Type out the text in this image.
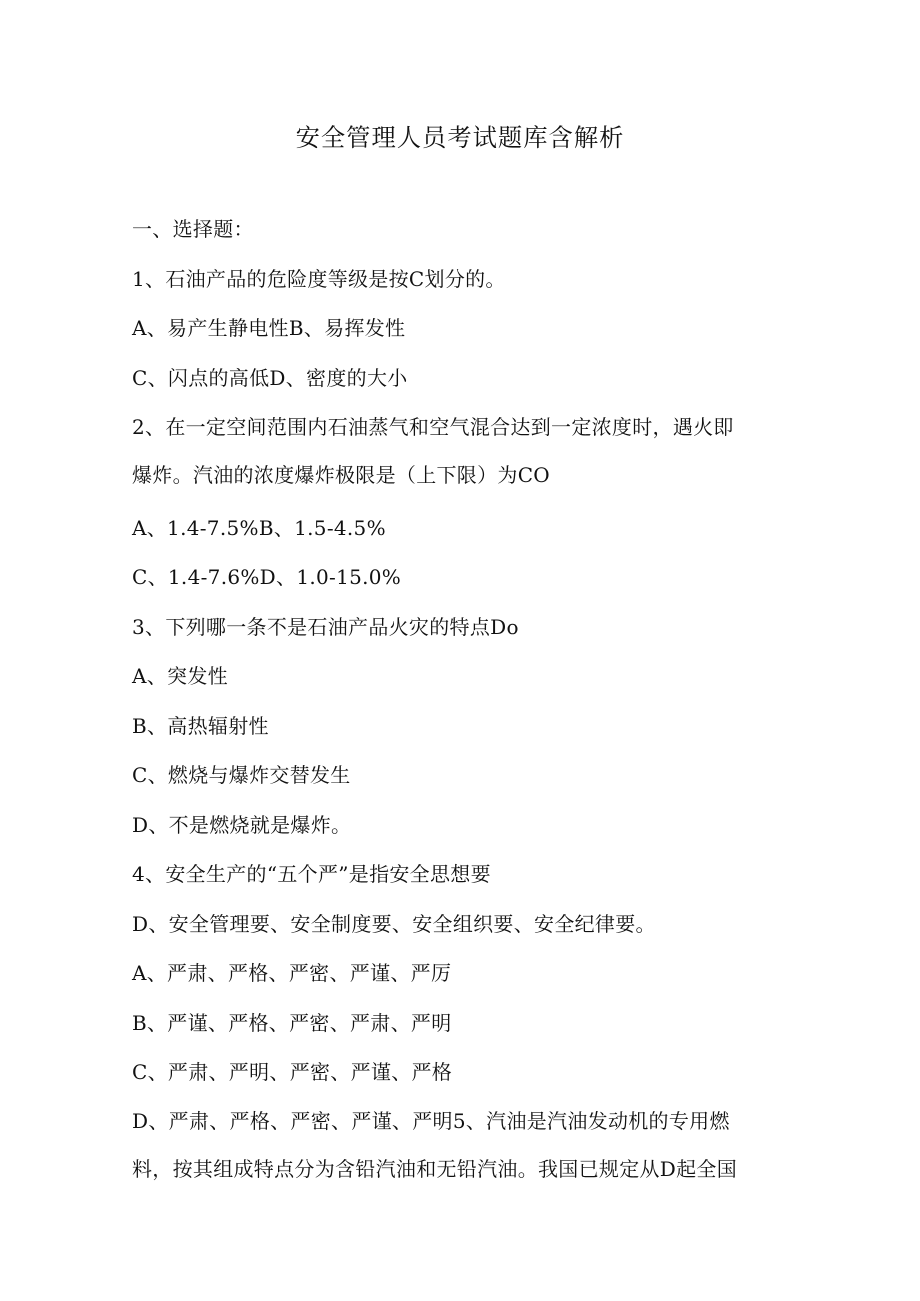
安全管理人员考试题库含解析
一、选择题：
1、石油产品的危险度等级是按C划分的。
A、易产生静电性B、易挥发性
C、闪点的高低D、密度的大小
2、在一定空间范围内石油蒸气和空气混合达到一定浓度时，遇火即
爆炸。汽油的浓度爆炸极限是（上下限）为CO
A、1.4-7.5%B、1.5-4.5%
C、1.4-7.6%D、1.0-15.0%
3、下列哪一条不是石油产品火灾的特点Do
A、突发性
B、高热辐射性
C、燃烧与爆炸交替发生
D、不是燃烧就是爆炸。
4、安全生产的“五个严”是指安全思想要
D、安全管理要、安全制度要、安全组织要、安全纪律要。
A、严肃、严格、严密、严谨、严厉
B、严谨、严格、严密、严肃、严明
C、严肃、严明、严密、严谨、严格
D、严肃、严格、严密、严谨、严明5、汽油是汽油发动机的专用燃
料，按其组成特点分为含铅汽油和无铅汽油。我国已规定从D起全国
